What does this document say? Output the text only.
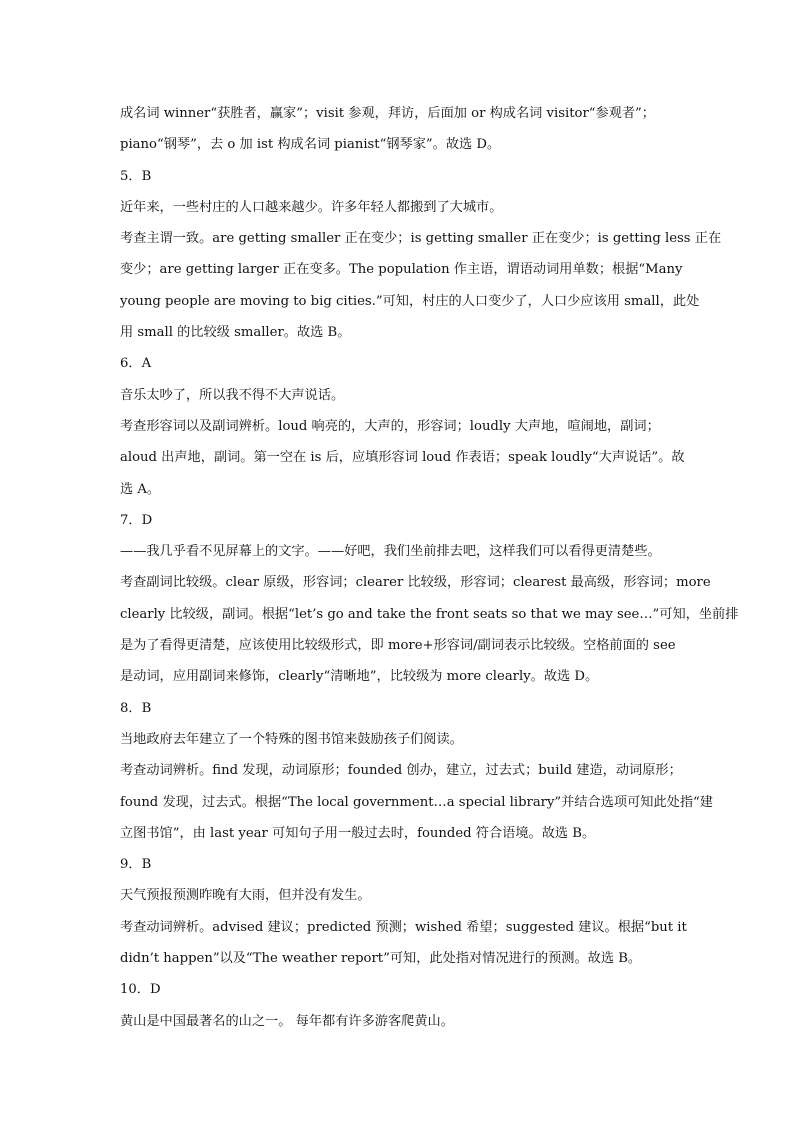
成名词 winner“获胜者，赢家”；visit 参观，拜访，后面加 or 构成名词 visitor“参观者”；
piano“钢琴”，去 o 加 ist 构成名词 pianist“钢琴家”。故选 D。
5．B
近年来，一些村庄的人口越来越少。许多年轻人都搬到了大城市。
考查主谓一致。are getting smaller 正在变少；is getting smaller 正在变少；is getting less 正在
变少；are getting larger 正在变多。The population 作主语，谓语动词用单数；根据“Many
young people are moving to big cities.”可知，村庄的人口变少了，人口少应该用 small，此处
用 small 的比较级 smaller。故选 B。
6．A
音乐太吵了，所以我不得不大声说话。
考查形容词以及副词辨析。loud 响亮的，大声的，形容词；loudly 大声地，喧闹地，副词；
aloud 出声地，副词。第一空在 is 后，应填形容词 loud 作表语；speak loudly“大声说话”。故
选 A。
7．D
——我几乎看不见屏幕上的文字。——好吧，我们坐前排去吧，这样我们可以看得更清楚些。
考查副词比较级。clear 原级，形容词；clearer 比较级，形容词；clearest 最高级，形容词；more
clearly 比较级，副词。根据“let’s go and take the front seats so that we may see…”可知，坐前排
是为了看得更清楚，应该使用比较级形式，即 more+形容词/副词表示比较级。空格前面的 see
是动词，应用副词来修饰，clearly“清晰地”，比较级为 more clearly。故选 D。
8．B
当地政府去年建立了一个特殊的图书馆来鼓励孩子们阅读。
考查动词辨析。find 发现，动词原形；founded 创办，建立，过去式；build 建造，动词原形；
found 发现，过去式。根据“The local government…a special library”并结合选项可知此处指“建
立图书馆”，由 last year 可知句子用一般过去时，founded 符合语境。故选 B。
9．B
天气预报预测昨晚有大雨，但并没有发生。
考查动词辨析。advised 建议；predicted 预测；wished 希望；suggested 建议。根据“but it
didn’t happen”以及“The weather report”可知，此处指对情况进行的预测。故选 B。
10．D
黄山是中国最著名的山之一。 每年都有许多游客爬黄山。
